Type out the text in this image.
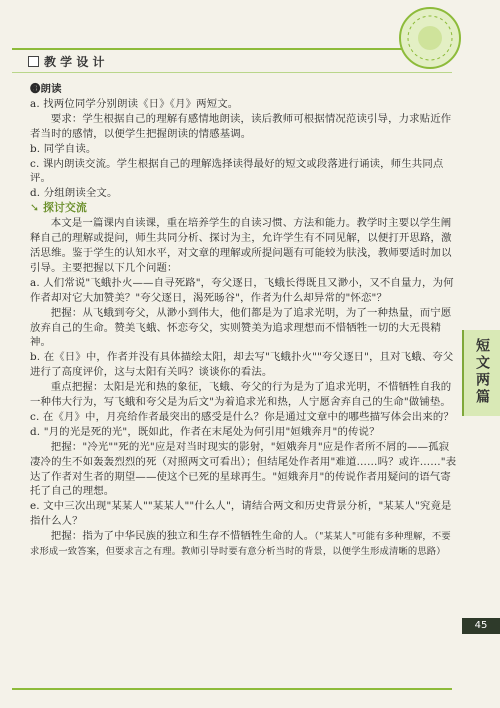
教 学 设 计

❸朗读

a. 找两位同学分别朗读《日》《月》两短文。

要求：学生根据自己的理解有感情地朗读，读后教师可根据情况范读引导，力求贴近作者当时的感情，以便学生把握朗读的情感基调。

b. 同学自读。

c. 课内朗读交流。学生根据自己的理解选择读得最好的短文或段落进行诵读，师生共同点评。

d. 分组朗读全文。

➘ 探讨交流

本文是一篇课内自读课，重在培养学生的自读习惯、方法和能力。教学时主要以学生阐释自己的理解或提问，师生共同分析、探讨为主，允许学生有不同见解，以便打开思路，激活思维。鉴于学生的认知水平，对文章的理解或所提问题有可能较为肤浅，教师要适时加以引导。主要把握以下几个问题：

a. 人们常说"飞蛾扑火——自寻死路"，夸父逐日，飞蛾长得既且又渺小，又不自量力，为何作者却对它大加赞美？"夸父逐日，渴死旸谷"，作者为什么却异常的"怀恋"？

把握：从飞蛾到夸父，从渺小到伟大，他们都是为了追求光明，为了一种热量，而宁愿放弃自己的生命。赞美飞蛾、怀恋夸父，实则赞美为追求理想而不惜牺牲一切的大无畏精神。

b. 在《日》中，作者并没有具体描绘太阳，却去写"飞蛾扑火""夸父逐日"，且对飞蛾、夸父进行了高度评价，这与太阳有关吗？谈谈你的看法。

重点把握：太阳是光和热的象征，飞蛾、夸父的行为是为了追求光明，不惜牺牲自我的一种伟大行为，写飞蛾和夸父是为后文"为着追求光和热，人宁愿舍弃自己的生命"做铺垫。

c. 在《月》中，月亮给作者最突出的感受是什么？你是通过文章中的哪些描写体会出来的？

d. "月的光是死的光"，既如此，作者在末尾处为何引用"姮娥奔月"的传说？

把握："冷光""死的光"应是对当时现实的影射，"姮娥奔月"应是作者所不屑的——孤寂凄冷的生不如轰轰烈烈的死（对照两文可看出）；但结尾处作者用"难道……吗？或许……"表达了作者对生者的期望——使这个已死的星球再生。"姮娥奔月"的传说作者用疑问的语气寄托了自己的理想。

e. 文中三次出现"某某人""某某人""什么人"，请结合两文和历史背景分析，"某某人"究竟是指什么人？

把握：指为了中华民族的独立和生存不惜牺牲生命的人。（"某某人"可能有多种理解，不要求形成一致答案，但要求言之有理。教师引导时要有意分析当时的背景，以便学生形成清晰的思路）

短文两篇
45
